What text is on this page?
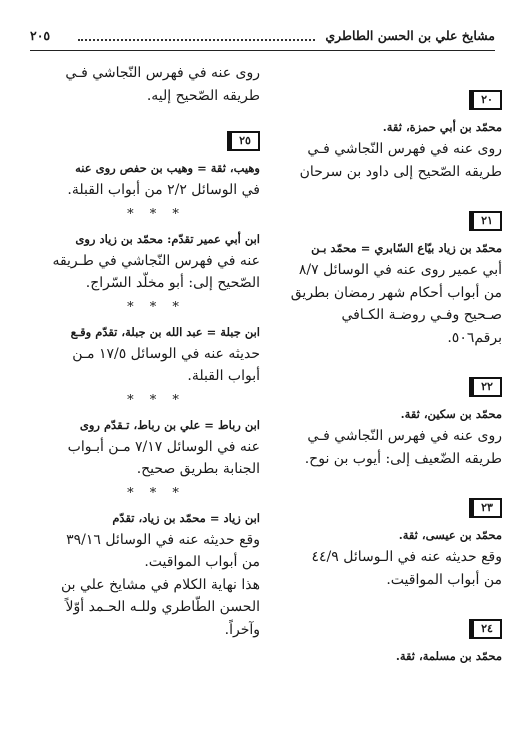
مشايخ علي بن الحسن الطاطري
٢٠٥
٢٠

محمّد بن أبي حمزة، ثقة.

روى عنه في فهرس النّجاشي فـي

طريقه الصّحيح إلى داود بن سرحان

٢١

محمّد بن زياد بيّاع السّابري = محمّد بـن

أبي عمير روى عنه في الوسائل ٨/٧

من أبواب أحكام شهر رمضان بطريق

صـحيح وفـي روضـة الكـافي

برقم٥٠٦.

٢٢

محمّد بن سكين، ثقة.

روى عنه في فهرس النّجاشي فـي

طريقه الضّعيف إلى: أيوب بن نوح.

٢٣

محمّد بن عيسى، ثقة.

وقع حديثه عنه في الـوسائل ٤٤/٩

من أبواب المواقيت.

٢٤

محمّد بن مسلمة، ثقة.

روى عنه في فهرس النّجاشي فـي

طريقه الصّحيح إليه.

٢٥

وهيب، ثقة = وهيب بن حفص روى عنه

في الوسائل ٢/٢ من أبواب القبلة.

* * *

ابن أبي عمير تقدّم: محمّد بن زياد روى

عنه في فهرس النّجاشي في طـريقه

الصّحيح إلى: أبو مخلّد السّراج.

* * *

ابن جبلة = عبد الله بن جبلة، تقدّم وقـع

حديثه عنه في الوسائل ١٧/٥ مـن

أبواب القبلة.

* * *

ابن رباط = علي بن رباط، تـقدّم روى

عنه في الوسائل ٧/١٧ مـن أبـواب

الجنابة بطريق صحيح.

* * *

ابن زياد = محمّد بن زياد، تقدّم

وقع حديثه عنه في الوسائل ٣٩/١٦

من أبواب المواقيت.

هذا نهاية الكلام في مشايخ علي بن

الحسن الطّاطري وللـه الحـمد أوّلاً

وآخراً.
